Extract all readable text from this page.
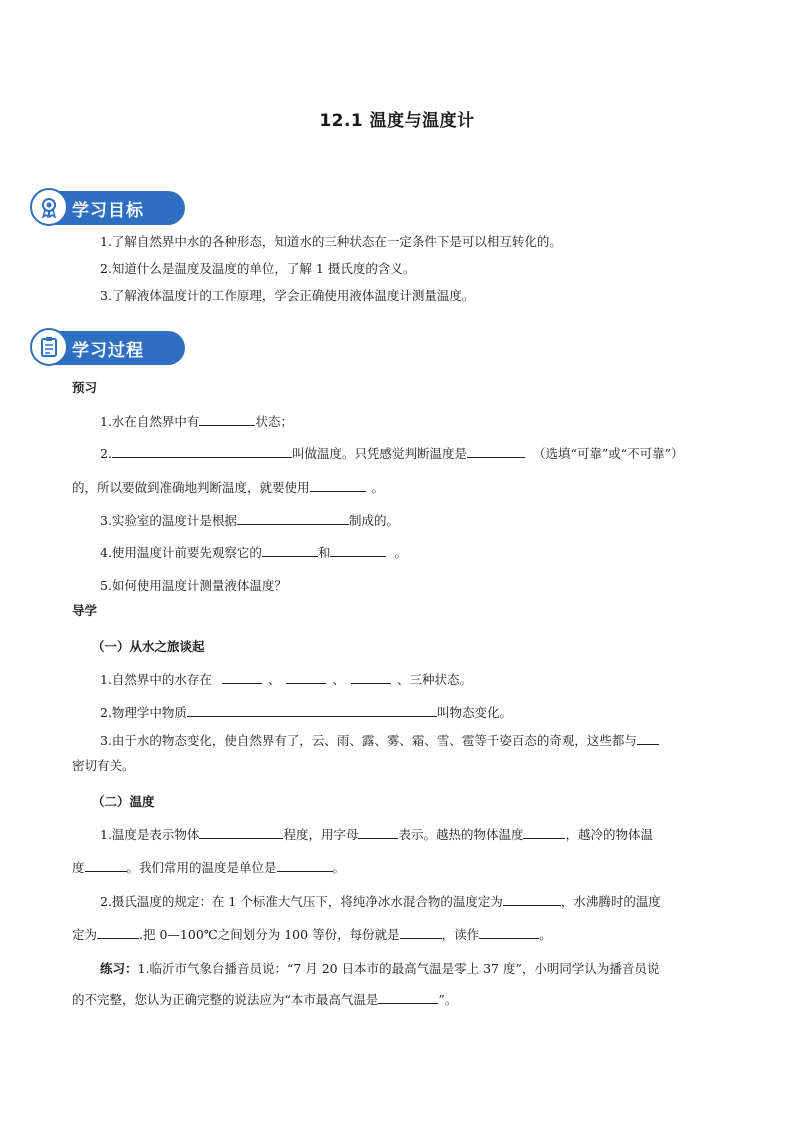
12.1 温度与温度计
学习目标
1.了解自然界中水的各种形态，知道水的三种状态在一定条件下是可以相互转化的。
2.知道什么是温度及温度的单位，了解 1 摄氏度的含义。
3.了解液体温度计的工作原理，学会正确使用液体温度计测量温度。
学习过程
预习
1.水在自然界中有	状态；
2.	叫做温度。只凭感觉判断温度是	（选填“可靠”或“不可靠”）
的，所以要做到准确地判断温度，就要使用	。
3.实验室的温度计是根据	制成的。
4.使用温度计前要先观察它的	和	。
5.如何使用温度计测量液体温度？
导学
（一）从水之旅谈起
1.自然界中的水存在	、	、	、三种状态。
2.物理学中物质	叫物态变化。
3.由于水的物态变化，使自然界有了，云、雨、露、雾、霜、雪、雹等千姿百态的奇观，这些都与
密切有关。
（二）温度
1.温度是表示物体	程度，用字母	表示。越热的物体温度	，越冷的物体温
度	。我们常用的温度是单位是	。
2.摄氏温度的规定：在 1 个标准大气压下，将纯净冰水混合物的温度定为	，水沸腾时的温度
定为	.把 0—100℃之间划分为 100 等份，每份就是	，读作	。
练习：1.临沂市气象台播音员说：“7 月 20 日本市的最高气温是零上 37 度”，小明同学认为播音员说
的不完整，您认为正确完整的说法应为“本市最高气温是	”。
